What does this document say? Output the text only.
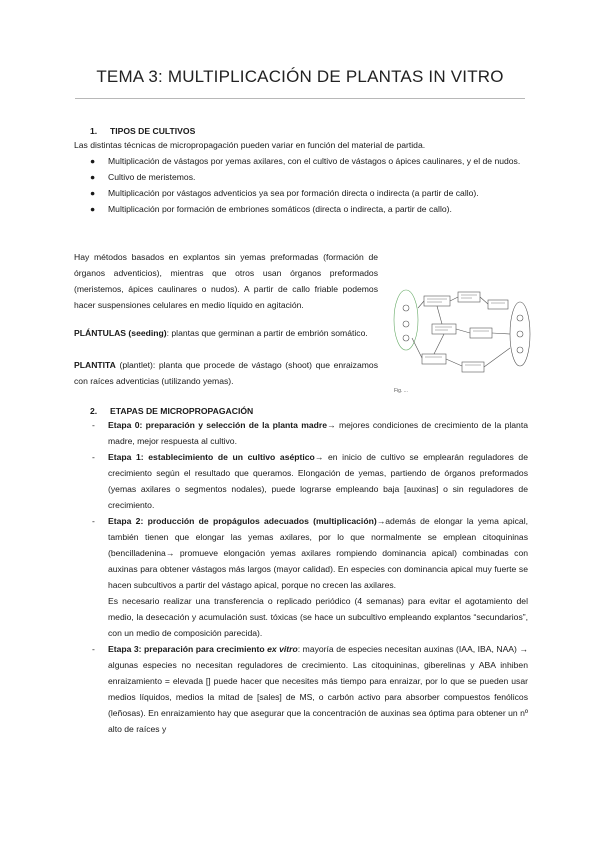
TEMA 3: MULTIPLICACIÓN DE PLANTAS IN VITRO
1. TIPOS DE CULTIVOS
Las distintas técnicas de micropropagación pueden variar en función del material de partida.
● Multiplicación de vástagos por yemas axilares, con el cultivo de vástagos o ápices caulinares, y el de nudos.
● Cultivo de meristemos.
● Multiplicación por vástagos adventicios ya sea por formación directa o indirecta (a partir de callo).
● Multiplicación por formación de embriones somáticos (directa o indirecta, a partir de callo).
Hay métodos basados en explantos sin yemas preformadas (formación de órganos adventicios), mientras que otros usan órganos preformados (meristemos, ápices caulinares o nudos). A partir de callo friable podemos hacer suspensiones celulares en medio líquido en agitación.
PLÁNTULAS (seeding): plantas que germinan a partir de embrión somático.
PLANTITA (plantlet): planta que procede de vástago (shoot) que enraizamos con raíces adventicias (utilizando yemas).
Fig. ...
2. ETAPAS DE MICROPROPAGACIÓN
- Etapa 0: preparación y selección de la planta madre→ mejores condiciones de crecimiento de la planta madre, mejor respuesta al cultivo.
- Etapa 1: establecimiento de un cultivo aséptico→ en inicio de cultivo se emplearán reguladores de crecimiento según el resultado que queramos. Elongación de yemas, partiendo de órganos preformados (yemas axilares o segmentos nodales), puede lograrse empleando baja [auxinas] o sin reguladores de crecimiento.
- Etapa 2: producción de propágulos adecuados (multiplicación)→además de elongar la yema apical, también tienen que elongar las yemas axilares, por lo que normalmente se emplean citoquininas (bencilladenina→ promueve elongación yemas axilares rompiendo dominancia apical) combinadas con auxinas para obtener vástagos más largos (mayor calidad). En especies con dominancia apical muy fuerte se hacen subcultivos a partir del vástago apical, porque no crecen las axilares.
Es necesario realizar una transferencia o replicado periódico (4 semanas) para evitar el agotamiento del medio, la desecación y acumulación sust. tóxicas (se hace un subcultivo empleando explantos “secundarios”, con un medio de composición parecida).
- Etapa 3: preparación para crecimiento ex vitro: mayoría de especies necesitan auxinas (IAA, IBA, NAA) → algunas especies no necesitan reguladores de crecimiento. Las citoquininas, giberelinas y ABA inhiben enraizamiento = elevada [] puede hacer que necesites más tiempo para enraizar, por lo que se pueden usar medios líquidos, medios la mitad de [sales] de MS, o carbón activo para absorber compuestos fenólicos (leñosas). En enraizamiento hay que asegurar que la concentración de auxinas sea óptima para obtener un nº alto de raíces y
